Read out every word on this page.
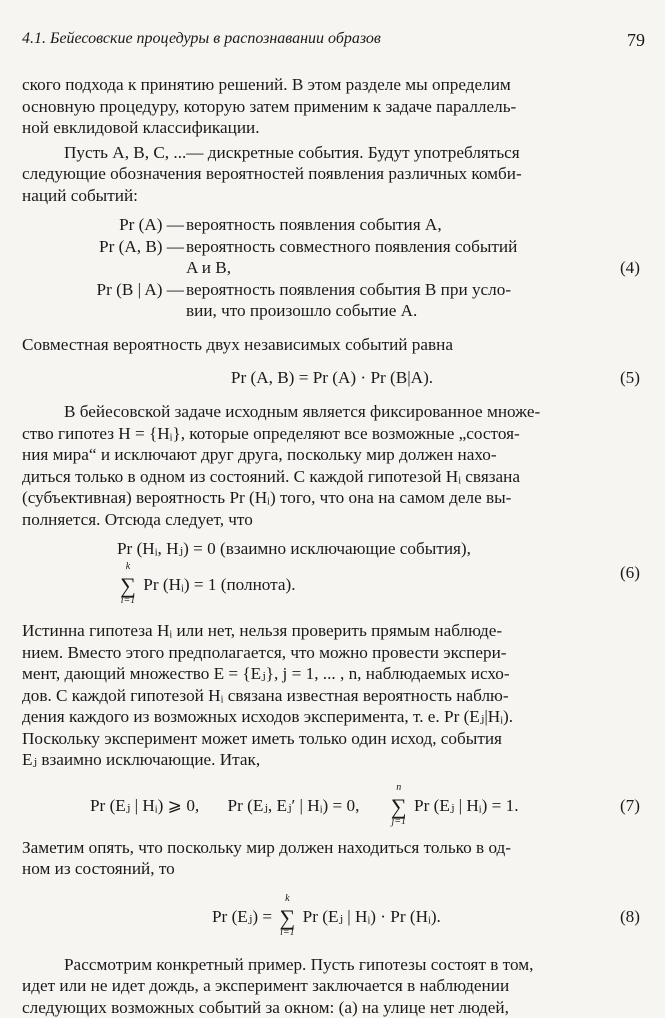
4.1. Бейесовские процедуры в распознавании образов	79

ского подхода к принятию решений. В этом разделе мы определим
основную процедуру, которую затем применим к задаче параллель-
ной евклидовой классификации.

Пусть A, B, C, ...— дискретные события. Будут употребляться
следующие обозначения вероятностей появления различных комби-
наций событий:

Pr (A) — вероятность появления события A,
Pr (A, B) — вероятность совместного появления событий
A и B,
Pr (B | A) — вероятность появления события B при усло-
вии, что произошло событие A.
(4)

Совместная вероятность двух независимых событий равна

Pr (A, B) = Pr (A) · Pr (B|A).	(5)

В бейесовской задаче исходным является фиксированное множе-
ство гипотез H = {Hᵢ}, которые определяют все возможные „состоя-
ния мира“ и исключают друг друга, поскольку мир должен нахо-
диться только в одном из состояний. С каждой гипотезой Hᵢ связана
(субъективная) вероятность Pr (Hᵢ) того, что она на самом деле вы-
полняется. Отсюда следует, что

Pr (Hᵢ, Hⱼ) = 0 (взаимно исключающие события),
∑
k
i=1
Pr (Hᵢ) = 1 (полнота).
(6)

Истинна гипотеза Hᵢ или нет, нельзя проверить прямым наблюде-
нием. Вместо этого предполагается, что можно провести экспери-
мент, дающий множество E = {Eⱼ}, j = 1, ... , n, наблюдаемых исхо-
дов. С каждой гипотезой Hᵢ связана известная вероятность наблю-
дения каждого из возможных исходов эксперимента, т. е. Pr (Eⱼ|Hᵢ).
Поскольку эксперимент может иметь только один исход, события
Eⱼ взаимно исключающие. Итак,

Pr (Eⱼ | Hᵢ) ⩾ 0, Pr (Eⱼ, Eⱼ′ | Hᵢ) = 0, ∑
n
j=1
Pr (Eⱼ | Hᵢ) = 1.	(7)

Заметим опять, что поскольку мир должен находиться только в од-
ном из состояний, то

Pr (Eⱼ) = ∑
k
i=1
Pr (Eⱼ | Hᵢ) · Pr (Hᵢ).	(8)

Рассмотрим конкретный пример. Пусть гипотезы состоят в том,
идет или не идет дождь, а эксперимент заключается в наблюдении
следующих возможных событий за окном: (a) на улице нет людей,
